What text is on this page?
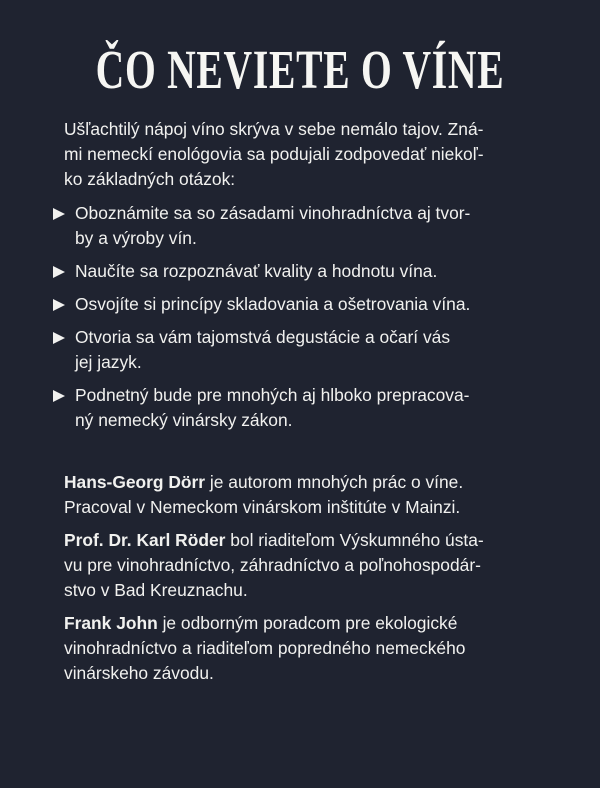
ČO NEVIETE O VÍNE
Ušľachtilý nápoj víno skrýva v sebe nemálo tajov. Zná-
mi nemeckí enológovia sa podujali zodpovedať niekoľ-
ko základných otázok:
Oboznámite sa so zásadami vinohradníctva aj tvor-
by a výroby vín.
Naučíte sa rozpoznávať kvality a hodnotu vína.
Osvojíte si princípy skladovania a ošetrovania vína.
Otvoria sa vám tajomstvá degustácie a očarí vás
jej jazyk.
Podnetný bude pre mnohých aj hlboko prepracova-
ný nemecký vinársky zákon.
Hans-Georg Dörr je autorom mnohých prác o víne.
Pracoval v Nemeckom vinárskom inštitúte v Mainzi.
Prof. Dr. Karl Röder bol riaditeľom Výskumného ústa-
vu pre vinohradníctvo, záhradníctvo a poľnohospodár-
stvo v Bad Kreuznachu.
Frank John je odborným poradcom pre ekologické
vinohradníctvo a riaditeľom popredného nemeckého
vinárskeho závodu.
